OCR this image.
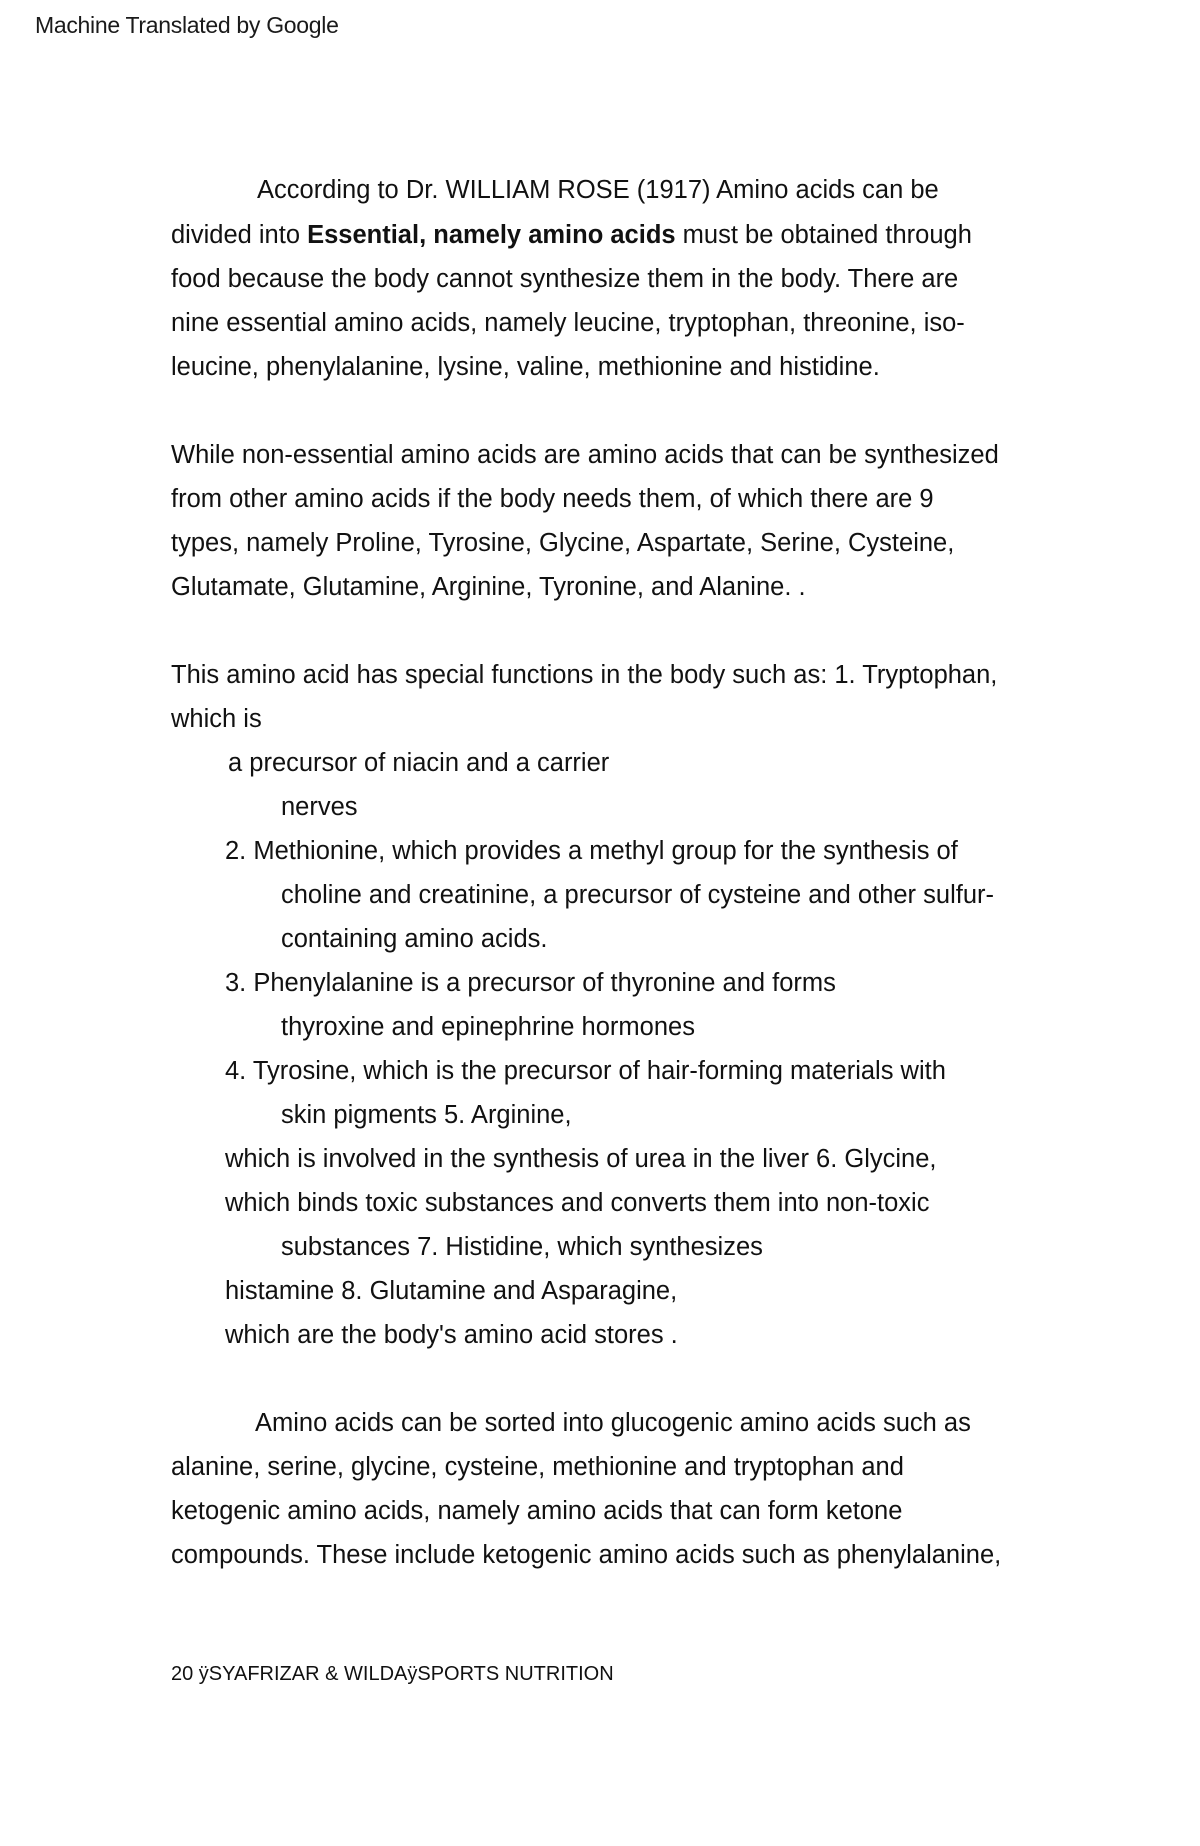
Machine Translated by Google
According to Dr. WILLIAM ROSE (1917) Amino acids can be
divided into Essential, namely amino acids must be obtained through
food because the body cannot synthesize them in the body. There are
nine essential amino acids, namely leucine, tryptophan, threonine, iso-
leucine, phenylalanine, lysine, valine, methionine and histidine.
While non-essential amino acids are amino acids that can be synthesized
from other amino acids if the body needs them, of which there are 9
types, namely Proline, Tyrosine, Glycine, Aspartate, Serine, Cysteine,
Glutamate, Glutamine, Arginine, Tyronine, and Alanine. .
This amino acid has special functions in the body such as: 1. Tryptophan,
which is
a precursor of niacin and a carrier
nerves
2. Methionine, which provides a methyl group for the synthesis of
choline and creatinine, a precursor of cysteine and other sulfur-
containing amino acids.
3. Phenylalanine is a precursor of thyronine and forms
thyroxine and epinephrine hormones
4. Tyrosine, which is the precursor of hair-forming materials with
skin pigments 5. Arginine,
which is involved in the synthesis of urea in the liver 6. Glycine,
which binds toxic substances and converts them into non-toxic
substances 7. Histidine, which synthesizes
histamine 8. Glutamine and Asparagine,
which are the body's amino acid stores .
Amino acids can be sorted into glucogenic amino acids such as
alanine, serine, glycine, cysteine, methionine and tryptophan and
ketogenic amino acids, namely amino acids that can form ketone
compounds. These include ketogenic amino acids such as phenylalanine,
20 ÿSYAFRIZAR & WILDAÿSPORTS NUTRITION
